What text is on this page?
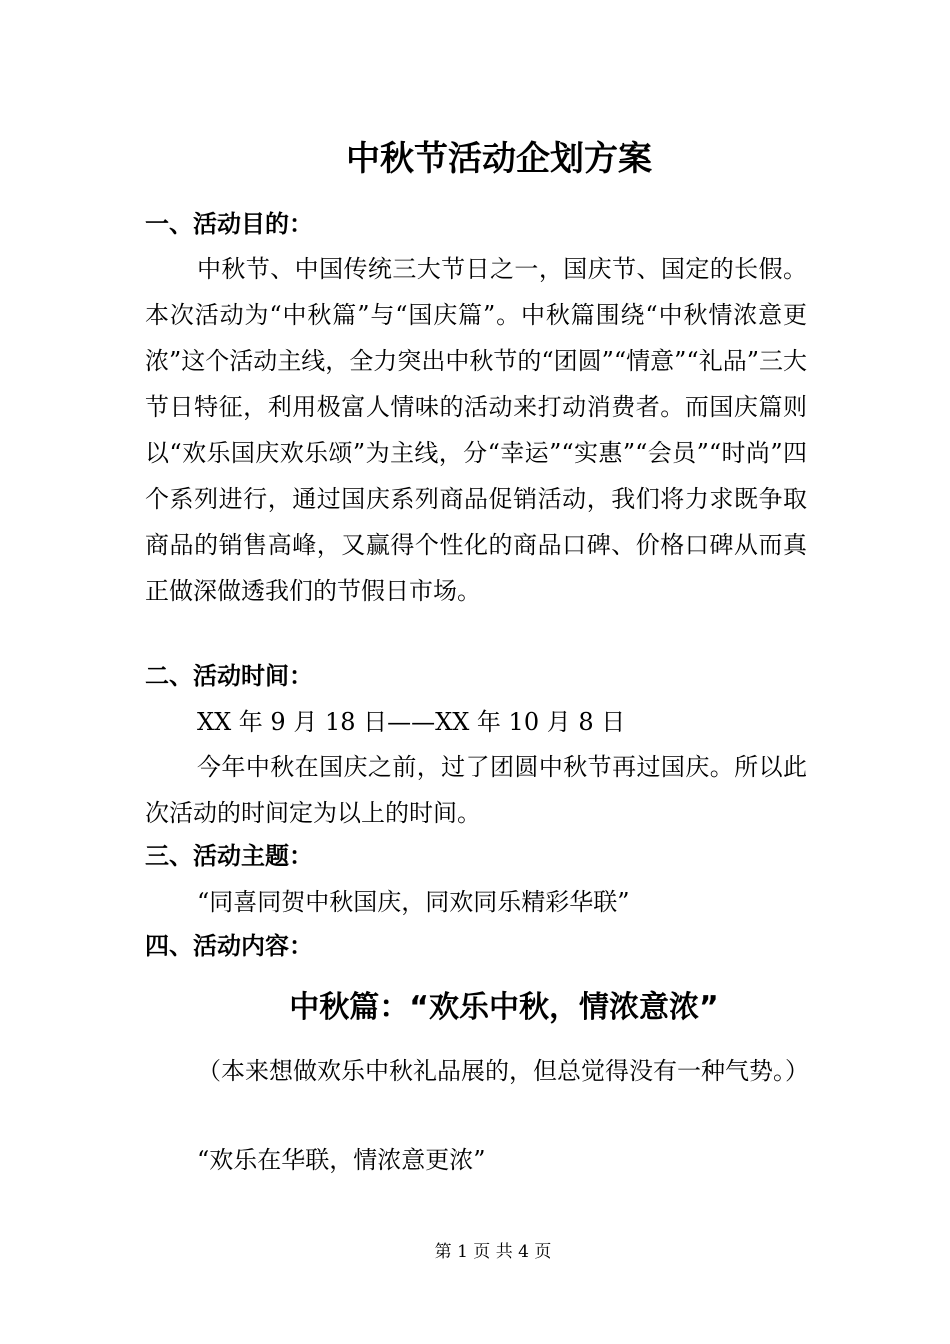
中秋节活动企划方案
一、活动目的：

中秋节、中国传统三大节日之一，国庆节、国定的长假。本次活动为“中秋篇”与“国庆篇”。中秋篇围绕“中秋情浓意更浓”这个活动主线，全力突出中秋节的“团圆”“情意”“礼品”三大节日特征，利用极富人情味的活动来打动消费者。而国庆篇则以“欢乐国庆欢乐颂”为主线，分“幸运”“实惠”“会员”“时尚”四个系列进行，通过国庆系列商品促销活动，我们将力求既争取商品的销售高峰，又赢得个性化的商品口碑、价格口碑从而真正做深做透我们的节假日市场。

二、活动时间：

XX 年 9 月 18 日——XX 年 10 月 8 日

今年中秋在国庆之前，过了团圆中秋节再过国庆。所以此次活动的时间定为以上的时间。

三、活动主题：

“同喜同贺中秋国庆，同欢同乐精彩华联”

四、活动内容：
中秋篇：“欢乐中秋，情浓意浓”

（本来想做欢乐中秋礼品展的，但总觉得没有一种气势。）

“欢乐在华联，情浓意更浓”

第 1 页 共 4 页
